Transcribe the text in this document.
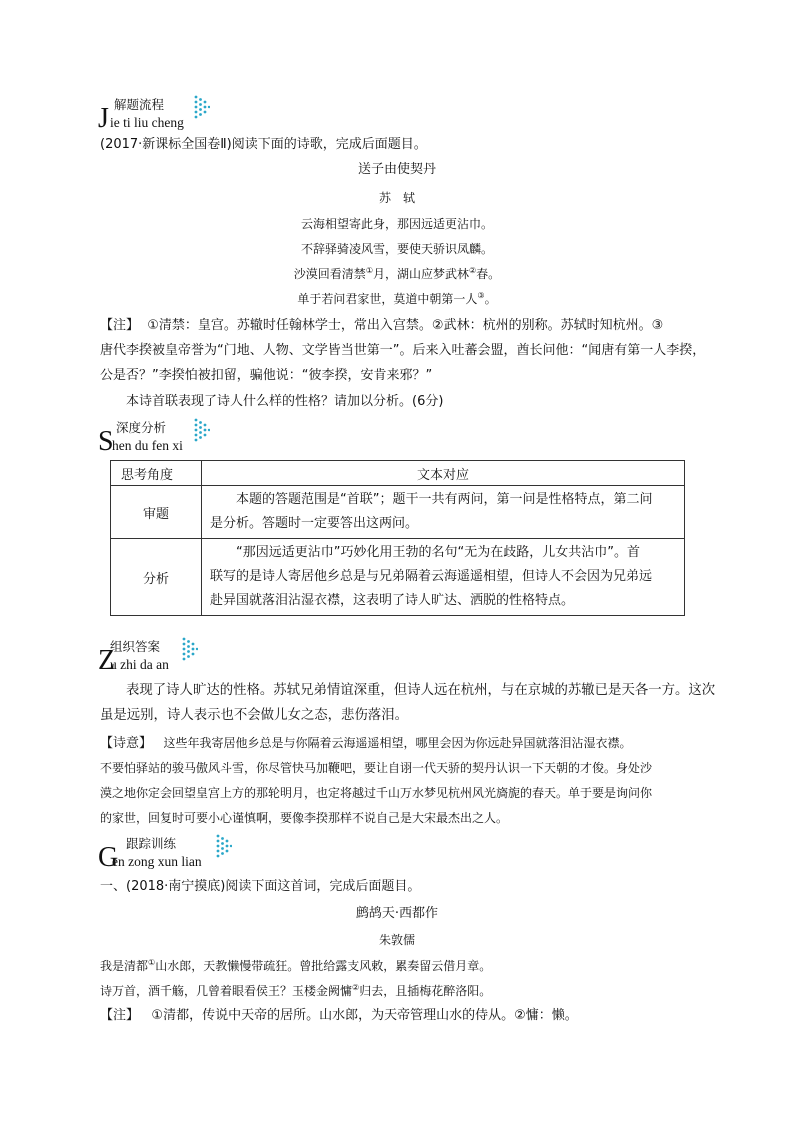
J 解题流程
ie ti liu cheng
(2017·新课标全国卷Ⅱ)阅读下面的诗歌，完成后面题目。
送子由使契丹
苏　轼
云海相望寄此身，那因远适更沾巾。
不辞驿骑凌风雪，要使天骄识凤麟。
沙漠回看清禁①月，湖山应梦武林②春。
单于若问君家世，莫道中朝第一人③。
【注】 ①清禁：皇宫。苏辙时任翰林学士，常出入宫禁。②武林：杭州的别称。苏轼时知杭州。③
唐代李揆被皇帝誉为“门地、人物、文学皆当世第一”。后来入吐蕃会盟，酋长问他：“闻唐有第一人李揆，
公是否？”李揆怕被扣留，骗他说：“彼李揆，安肯来邪？”
本诗首联表现了诗人什么样的性格？请加以分析。(6分)
S 深度分析
hen du fen xi
思考角度	文本对应
审题	本题的答题范围是“首联”；题干一共有两问，第一问是性格特点，第二问
是分析。答题时一定要答出这两问。

分析	“那因远适更沾巾”巧妙化用王勃的名句“无为在歧路，儿女共沾巾”。首
联写的是诗人寄居他乡总是与兄弟隔着云海遥遥相望，但诗人不会因为兄弟远
赴异国就落泪沾湿衣襟，这表明了诗人旷达、洒脱的性格特点。
Z
组织答案
u zhi da an
表现了诗人旷达的性格。苏轼兄弟情谊深重，但诗人远在杭州，与在京城的苏辙已是天各一方。这次
虽是远别，诗人表示也不会做儿女之态，悲伤落泪。
【诗意】 这些年我寄居他乡总是与你隔着云海遥遥相望，哪里会因为你远赴异国就落泪沾湿衣襟。
不要怕驿站的骏马傲风斗雪，你尽管快马加鞭吧，要让自诩一代天骄的契丹认识一下天朝的才俊。身处沙
漠之地你定会回望皇宫上方的那轮明月，也定将越过千山万水梦见杭州风光旖旎的春天。单于要是询问你
的家世，回复时可要小心谨慎啊，要像李揆那样不说自己是大宋最杰出之人。
G 跟踪训练
en zong xun lian
一、(2018·南宁摸底)阅读下面这首词，完成后面题目。
鹧鸪天·西都作
朱敦儒
我是清都①山水郎，天教懒慢带疏狂。曾批给露支风敕，累奏留云借月章。
诗万首，酒千觞，几曾着眼看侯王？玉楼金阙慵②归去，且插梅花醉洛阳。
【注】 ①清都，传说中天帝的居所。山水郎，为天帝管理山水的侍从。②慵：懒。
